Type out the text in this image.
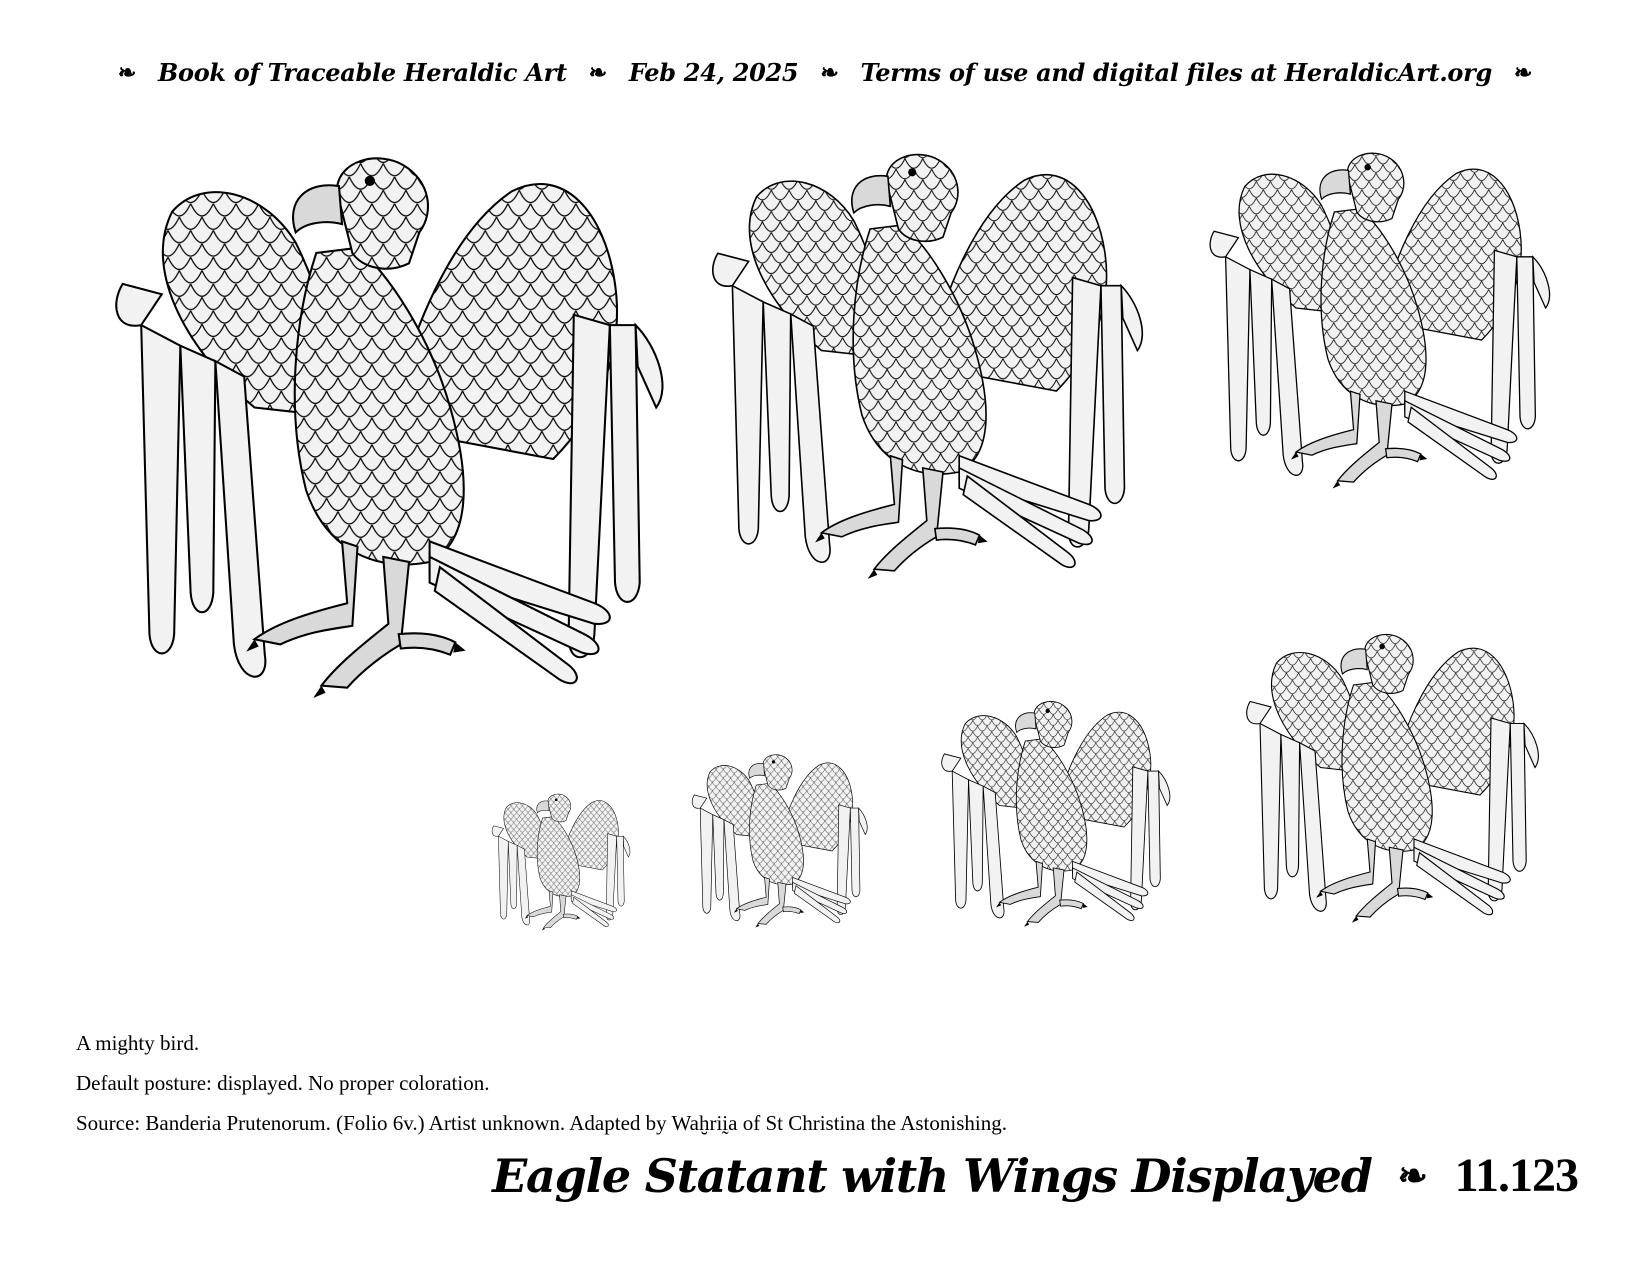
❧ Book of Traceable Heraldic Art ❧ Feb 24, 2025 ❧ Terms of use and digital files at HeraldicArt.org ❧

A mighty bird.

Default posture: displayed. No proper coloration.

Source: Banderia Prutenorum. (Folio 6v.) Artist unknown. Adapted by Waḫriḭa of St Christina the Astonishing.

Eagle Statant with Wings Displayed ❧ 11.123
